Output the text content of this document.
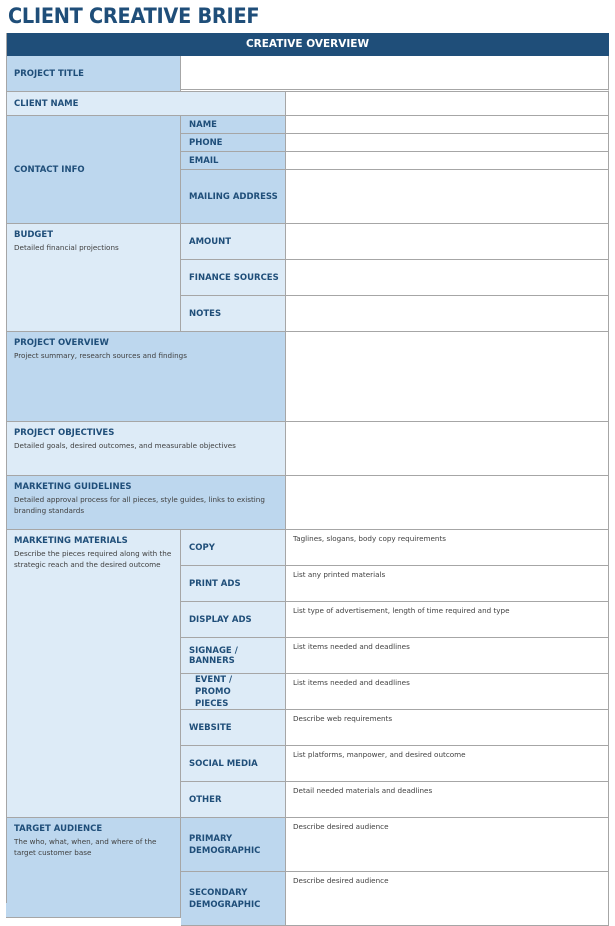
CLIENT CREATIVE BRIEF
CREATIVE OVERVIEW
PROJECT TITLE
CLIENT NAME
CONTACT INFO
NAME
PHONE
EMAIL
MAILING ADDRESS
BUDGET
Detailed financial projections
AMOUNT
FINANCE SOURCES
NOTES
PROJECT OVERVIEW
Project summary, research sources and findings
PROJECT OBJECTIVES
Detailed goals, desired outcomes, and measurable objectives
MARKETING GUIDELINES
Detailed approval process for all pieces, style guides, links to existing branding standards
MARKETING MATERIALS
Describe the pieces required along with the strategic reach and the desired outcome
COPY
Taglines, slogans, body copy requirements
PRINT ADS
List any printed materials
DISPLAY ADS
List type of advertisement, length of time required and type
SIGNAGE / BANNERS
List items needed and deadlines
EVENT / PROMO PIECES
List items needed and deadlines
WEBSITE
Describe web requirements
SOCIAL MEDIA
List platforms, manpower, and desired outcome
OTHER
Detail needed materials and deadlines
TARGET AUDIENCE
The who, what, when, and where of the target customer base
PRIMARY DEMOGRAPHIC
Describe desired audience
SECONDARY DEMOGRAPHIC
Describe desired audience
